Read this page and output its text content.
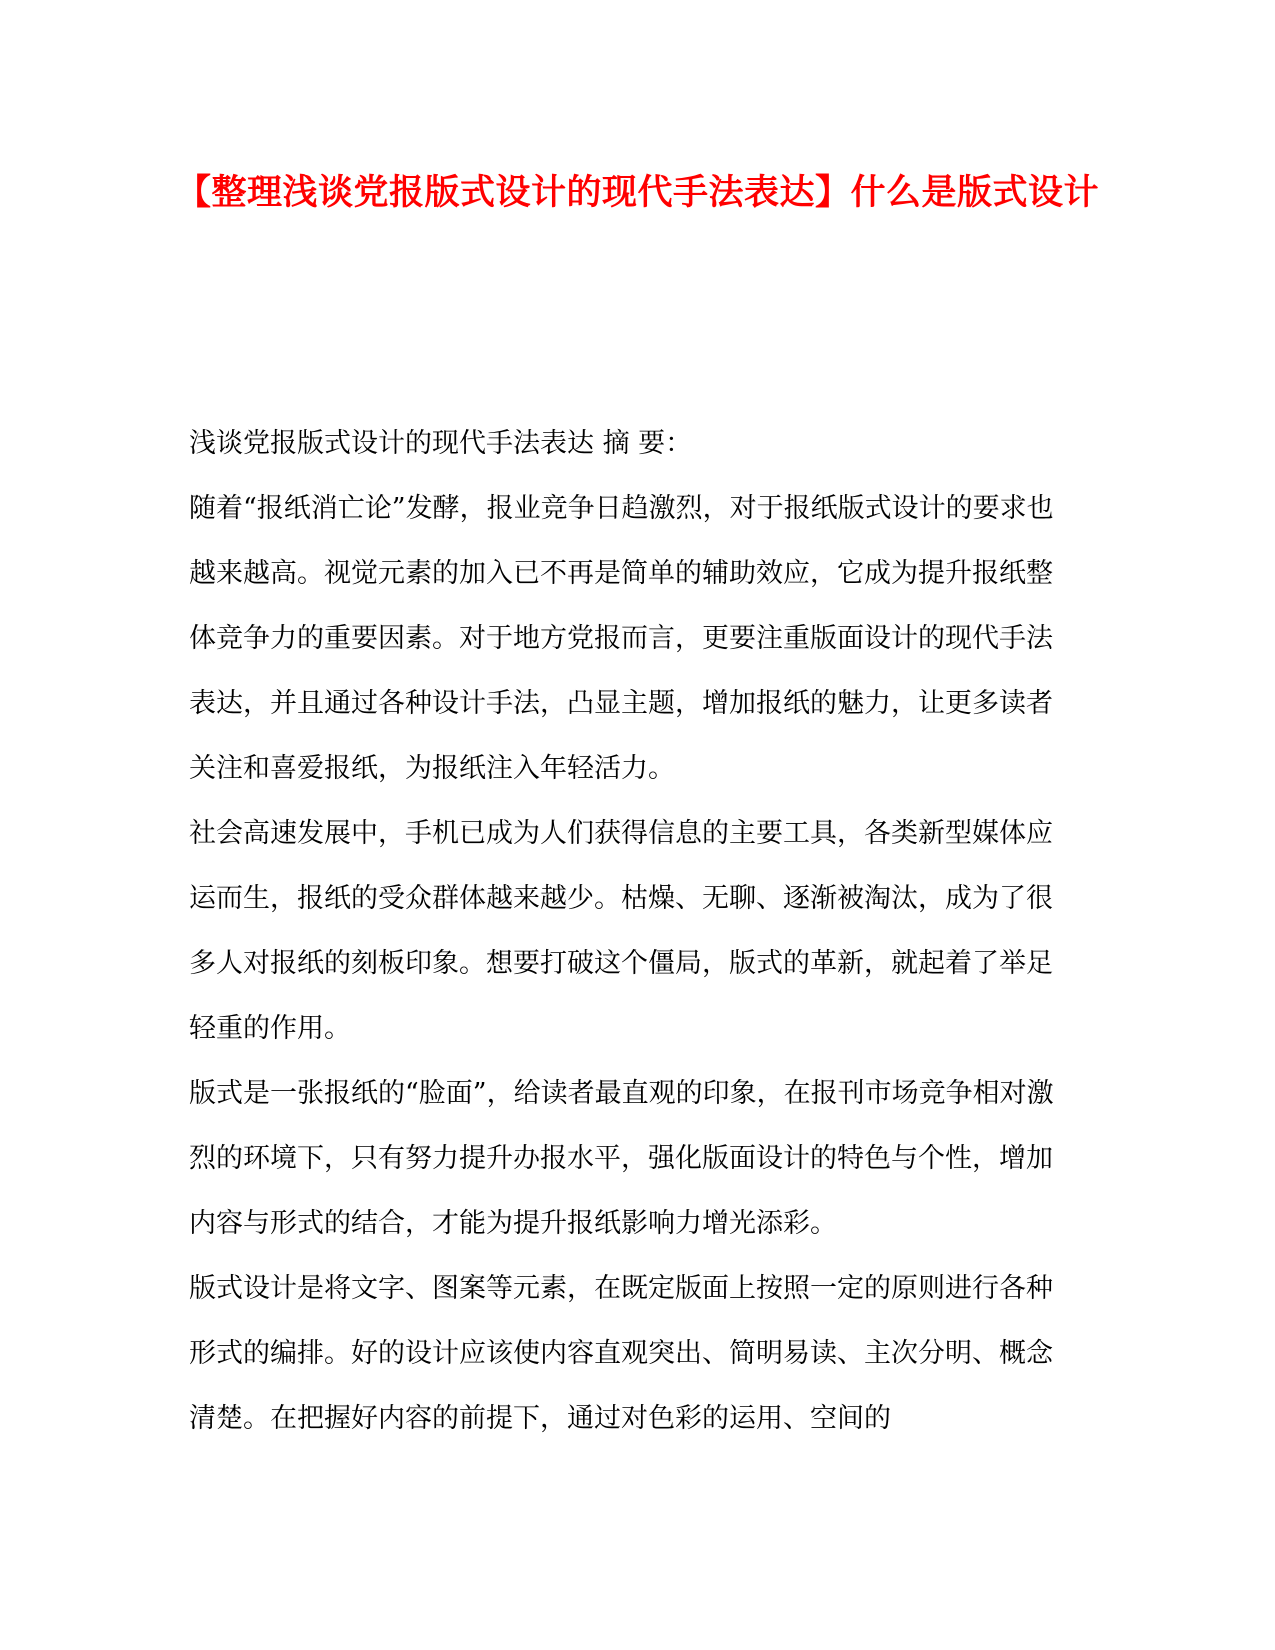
【整理浅谈党报版式设计的现代手法表达】什么是版式设计

浅谈党报版式设计的现代手法表达 摘 要：

随着“报纸消亡论”发酵，报业竞争日趋激烈，对于报纸版式设计的要求也越来越高。视觉元素的加入已不再是简单的辅助效应，它成为提升报纸整体竞争力的重要因素。对于地方党报而言，更要注重版面设计的现代手法表达，并且通过各种设计手法，凸显主题，增加报纸的魅力，让更多读者关注和喜爱报纸，为报纸注入年轻活力。

社会高速发展中，手机已成为人们获得信息的主要工具，各类新型媒体应运而生，报纸的受众群体越来越少。枯燥、无聊、逐渐被淘汰，成为了很多人对报纸的刻板印象。想要打破这个僵局，版式的革新，就起着了举足轻重的作用。

版式是一张报纸的“脸面”，给读者最直观的印象，在报刊市场竞争相对激烈的环境下，只有努力提升办报水平，强化版面设计的特色与个性，增加内容与形式的结合，才能为提升报纸影响力增光添彩。

版式设计是将文字、图案等元素，在既定版面上按照一定的原则进行各种形式的编排。好的设计应该使内容直观突出、简明易读、主次分明、概念清楚。在把握好内容的前提下，通过对色彩的运用、空间的
